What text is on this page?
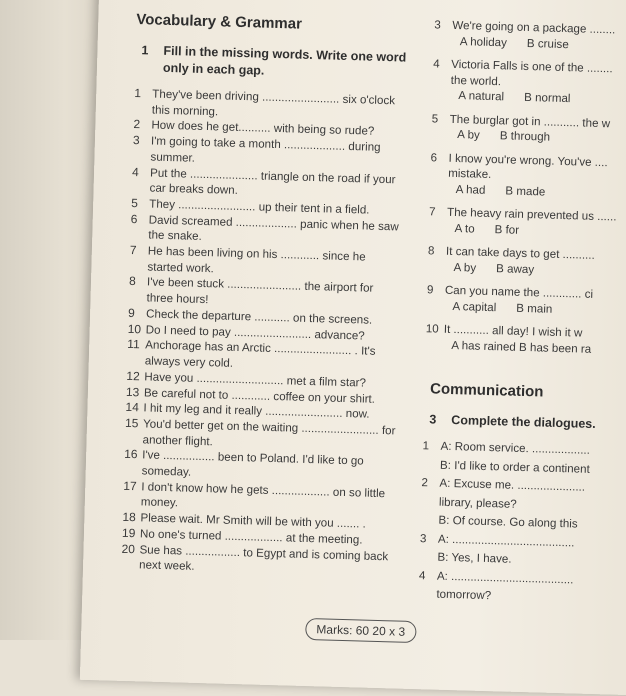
Vocabulary & Grammar
1	Fill in the missing words. Write one word only in each gap.
1 They've been driving ........................ six o'clock this morning.
2 How does he get.......... with being so rude?
3 I'm going to take a month ................... during summer.
4 Put the ..................... triangle on the road if your car breaks down.
5 They ........................ up their tent in a field.
6 David screamed ................... panic when he saw the snake.
7 He has been living on his ............ since he started work.
8 I've been stuck ....................... the airport for three hours!
9 Check the departure ........... on the screens.
10 Do I need to pay ........................ advance?
11 Anchorage has an Arctic ........................ . It's always very cold.
12 Have you ........................... met a film star?
13 Be careful not to ............ coffee on your shirt.
14 I hit my leg and it really ........................ now.
15 You'd better get on the waiting ........................ for another flight.
16 I've ................ been to Poland. I'd like to go someday.
17 I don't know how he gets .................. on so little money.
18 Please wait. Mr Smith will be with you ....... .
19 No one's turned .................. at the meeting.
20 Sue has ................. to Egypt and is coming back next week.
3 We're going on a package ........
A holiday B cruise
4 Victoria Falls is one of the ........
the world.
A natural B normal
5 The burglar got in ........... the w
A by B through
6 I know you're wrong. You've ....
mistake.
A had B made
7 The heavy rain prevented us ......
A to B for
8 It can take days to get ..........
A by B away
9 Can you name the ............ ci
A capital B main
10 It ........... all day! I wish it w
A has rained B has been ra
Communication
3	Complete the dialogues.
1 A: Room service. ..................
B: I'd like to order a continent
2 A: Excuse me. .....................
library, please?
B: Of course. Go along this
3 A: ......................................
B: Yes, I have.
4 A: ......................................
tomorrow?
Marks: 60 20 x 3
